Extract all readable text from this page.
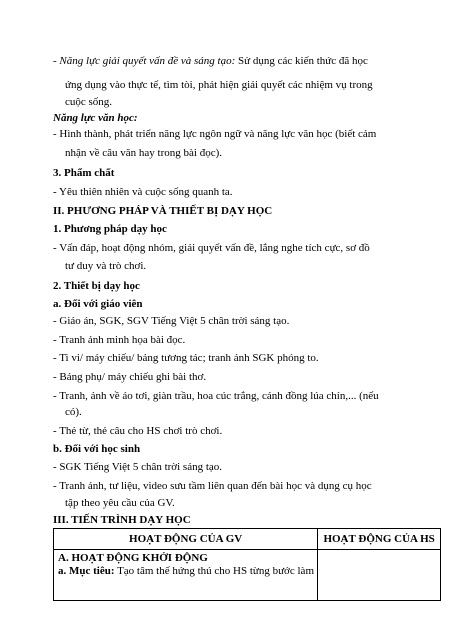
- Năng lực giải quyết vấn đề và sáng tạo: Sử dụng các kiến thức đã học
ứng dụng vào thực tế, tìm tòi, phát hiện giải quyết các nhiệm vụ trong
cuộc sống.
Năng lực văn học:
- Hình thành, phát triển năng lực ngôn ngữ và năng lực văn học (biết cảm
nhận về câu văn hay trong bài đọc).
3. Phẩm chất
- Yêu thiên nhiên và cuộc sống quanh ta.
II. PHƯƠNG PHÁP VÀ THIẾT BỊ DẠY HỌC
1. Phương pháp dạy học
- Vấn đáp, hoạt động nhóm, giải quyết vấn đề, lắng nghe tích cực, sơ đồ
tư duy và trò chơi.
2. Thiết bị dạy học
a. Đối với giáo viên
- Giáo án, SGK, SGV Tiếng Việt 5 chân trời sáng tạo.
- Tranh ảnh minh họa bài đọc.
- Ti vi/ máy chiếu/ bảng tương tác; tranh ảnh SGK phóng to.
- Bảng phụ/ máy chiếu ghi bài thơ.
- Tranh, ảnh về áo tơi, giàn trầu, hoa cúc trắng, cánh đồng lúa chín,... (nếu
có).
- Thẻ từ, thẻ câu cho HS chơi trò chơi.
b. Đối với học sinh
- SGK Tiếng Việt 5 chân trời sáng tạo.
- Tranh ảnh, tư liệu, video sưu tầm liên quan đến bài học và dụng cụ học
tập theo yêu cầu của GV.
III. TIẾN TRÌNH DẠY HỌC
HOẠT ĐỘNG CỦA GV	HOẠT ĐỘNG CỦA HS

A. HOẠT ĐỘNG KHỞI ĐỘNG
a. Mục tiêu: Tạo tâm thế hứng thú cho HS từng bước làm	
